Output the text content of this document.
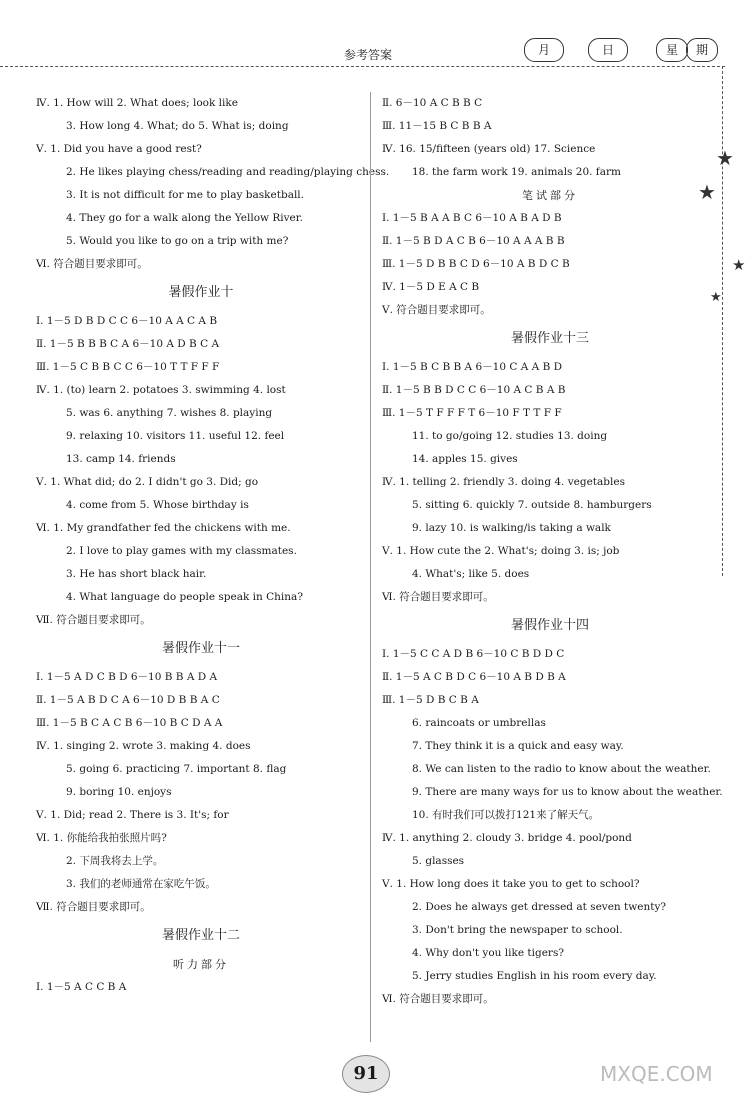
参考答案	月	日	星	期
★
★
★
★
Ⅳ. 1. How will 2. What does; look like
3. How long 4. What; do 5. What is; doing
Ⅴ. 1. Did you have a good rest?
2. He likes playing chess/reading and reading/playing chess.
3. It is not difficult for me to play basketball.
4. They go for a walk along the Yellow River.
5. Would you like to go on a trip with me?
Ⅵ. 符合题目要求即可。
暑假作业十
Ⅰ. 1－5 D B D C C 6－10 A A C A B
Ⅱ. 1－5 B B B C A 6－10 A D B C A
Ⅲ. 1－5 C B B C C 6－10 T T F F F
Ⅳ. 1. (to) learn 2. potatoes 3. swimming 4. lost
5. was 6. anything 7. wishes 8. playing
9. relaxing 10. visitors 11. useful 12. feel
13. camp 14. friends
Ⅴ. 1. What did; do 2. I didn't go 3. Did; go
4. come from 5. Whose birthday is
Ⅵ. 1. My grandfather fed the chickens with me.
2. I love to play games with my classmates.
3. He has short black hair.
4. What language do people speak in China?
Ⅶ. 符合题目要求即可。
暑假作业十一
Ⅰ. 1－5 A D C B D 6－10 B B A D A
Ⅱ. 1－5 A B D C A 6－10 D B B A C
Ⅲ. 1－5 B C A C B 6－10 B C D A A
Ⅳ. 1. singing 2. wrote 3. making 4. does
5. going 6. practicing 7. important 8. flag
9. boring 10. enjoys
Ⅴ. 1. Did; read 2. There is 3. It's; for
Ⅵ. 1. 你能给我拍张照片吗?
2. 下周我将去上学。
3. 我们的老师通常在家吃午饭。
Ⅶ. 符合题目要求即可。
暑假作业十二
听力部分
Ⅰ. 1－5 A C C B A
Ⅱ. 6－10 A C B B C
Ⅲ. 11－15 B C B B A
Ⅳ. 16. 15/fifteen (years old) 17. Science
18. the farm work 19. animals 20. farm
笔试部分
Ⅰ. 1－5 B A A B C 6－10 A B A D B
Ⅱ. 1－5 B D A C B 6－10 A A A B B
Ⅲ. 1－5 D B B C D 6－10 A B D C B
Ⅳ. 1－5 D E A C B
Ⅴ. 符合题目要求即可。
暑假作业十三
Ⅰ. 1－5 B C B B A 6－10 C A A B D
Ⅱ. 1－5 B B D C C 6－10 A C B A B
Ⅲ. 1－5 T F F F T 6－10 F T T F F
11. to go/going 12. studies 13. doing
14. apples 15. gives
Ⅳ. 1. telling 2. friendly 3. doing 4. vegetables
5. sitting 6. quickly 7. outside 8. hamburgers
9. lazy 10. is walking/is taking a walk
Ⅴ. 1. How cute the 2. What's; doing 3. is; job
4. What's; like 5. does
Ⅵ. 符合题目要求即可。
暑假作业十四
Ⅰ. 1－5 C C A D B 6－10 C B D D C
Ⅱ. 1－5 A C B D C 6－10 A B D B A
Ⅲ. 1－5 D B C B A
6. raincoats or umbrellas
7. They think it is a quick and easy way.
8. We can listen to the radio to know about the weather.
9. There are many ways for us to know about the weather.
10. 有时我们可以拨打121来了解天气。
Ⅳ. 1. anything 2. cloudy 3. bridge 4. pool/pond
5. glasses
Ⅴ. 1. How long does it take you to get to school?
2. Does he always get dressed at seven twenty?
3. Don't bring the newspaper to school.
4. Why don't you like tigers?
5. Jerry studies English in his room every day.
Ⅵ. 符合题目要求即可。
91	MXQE.COM
